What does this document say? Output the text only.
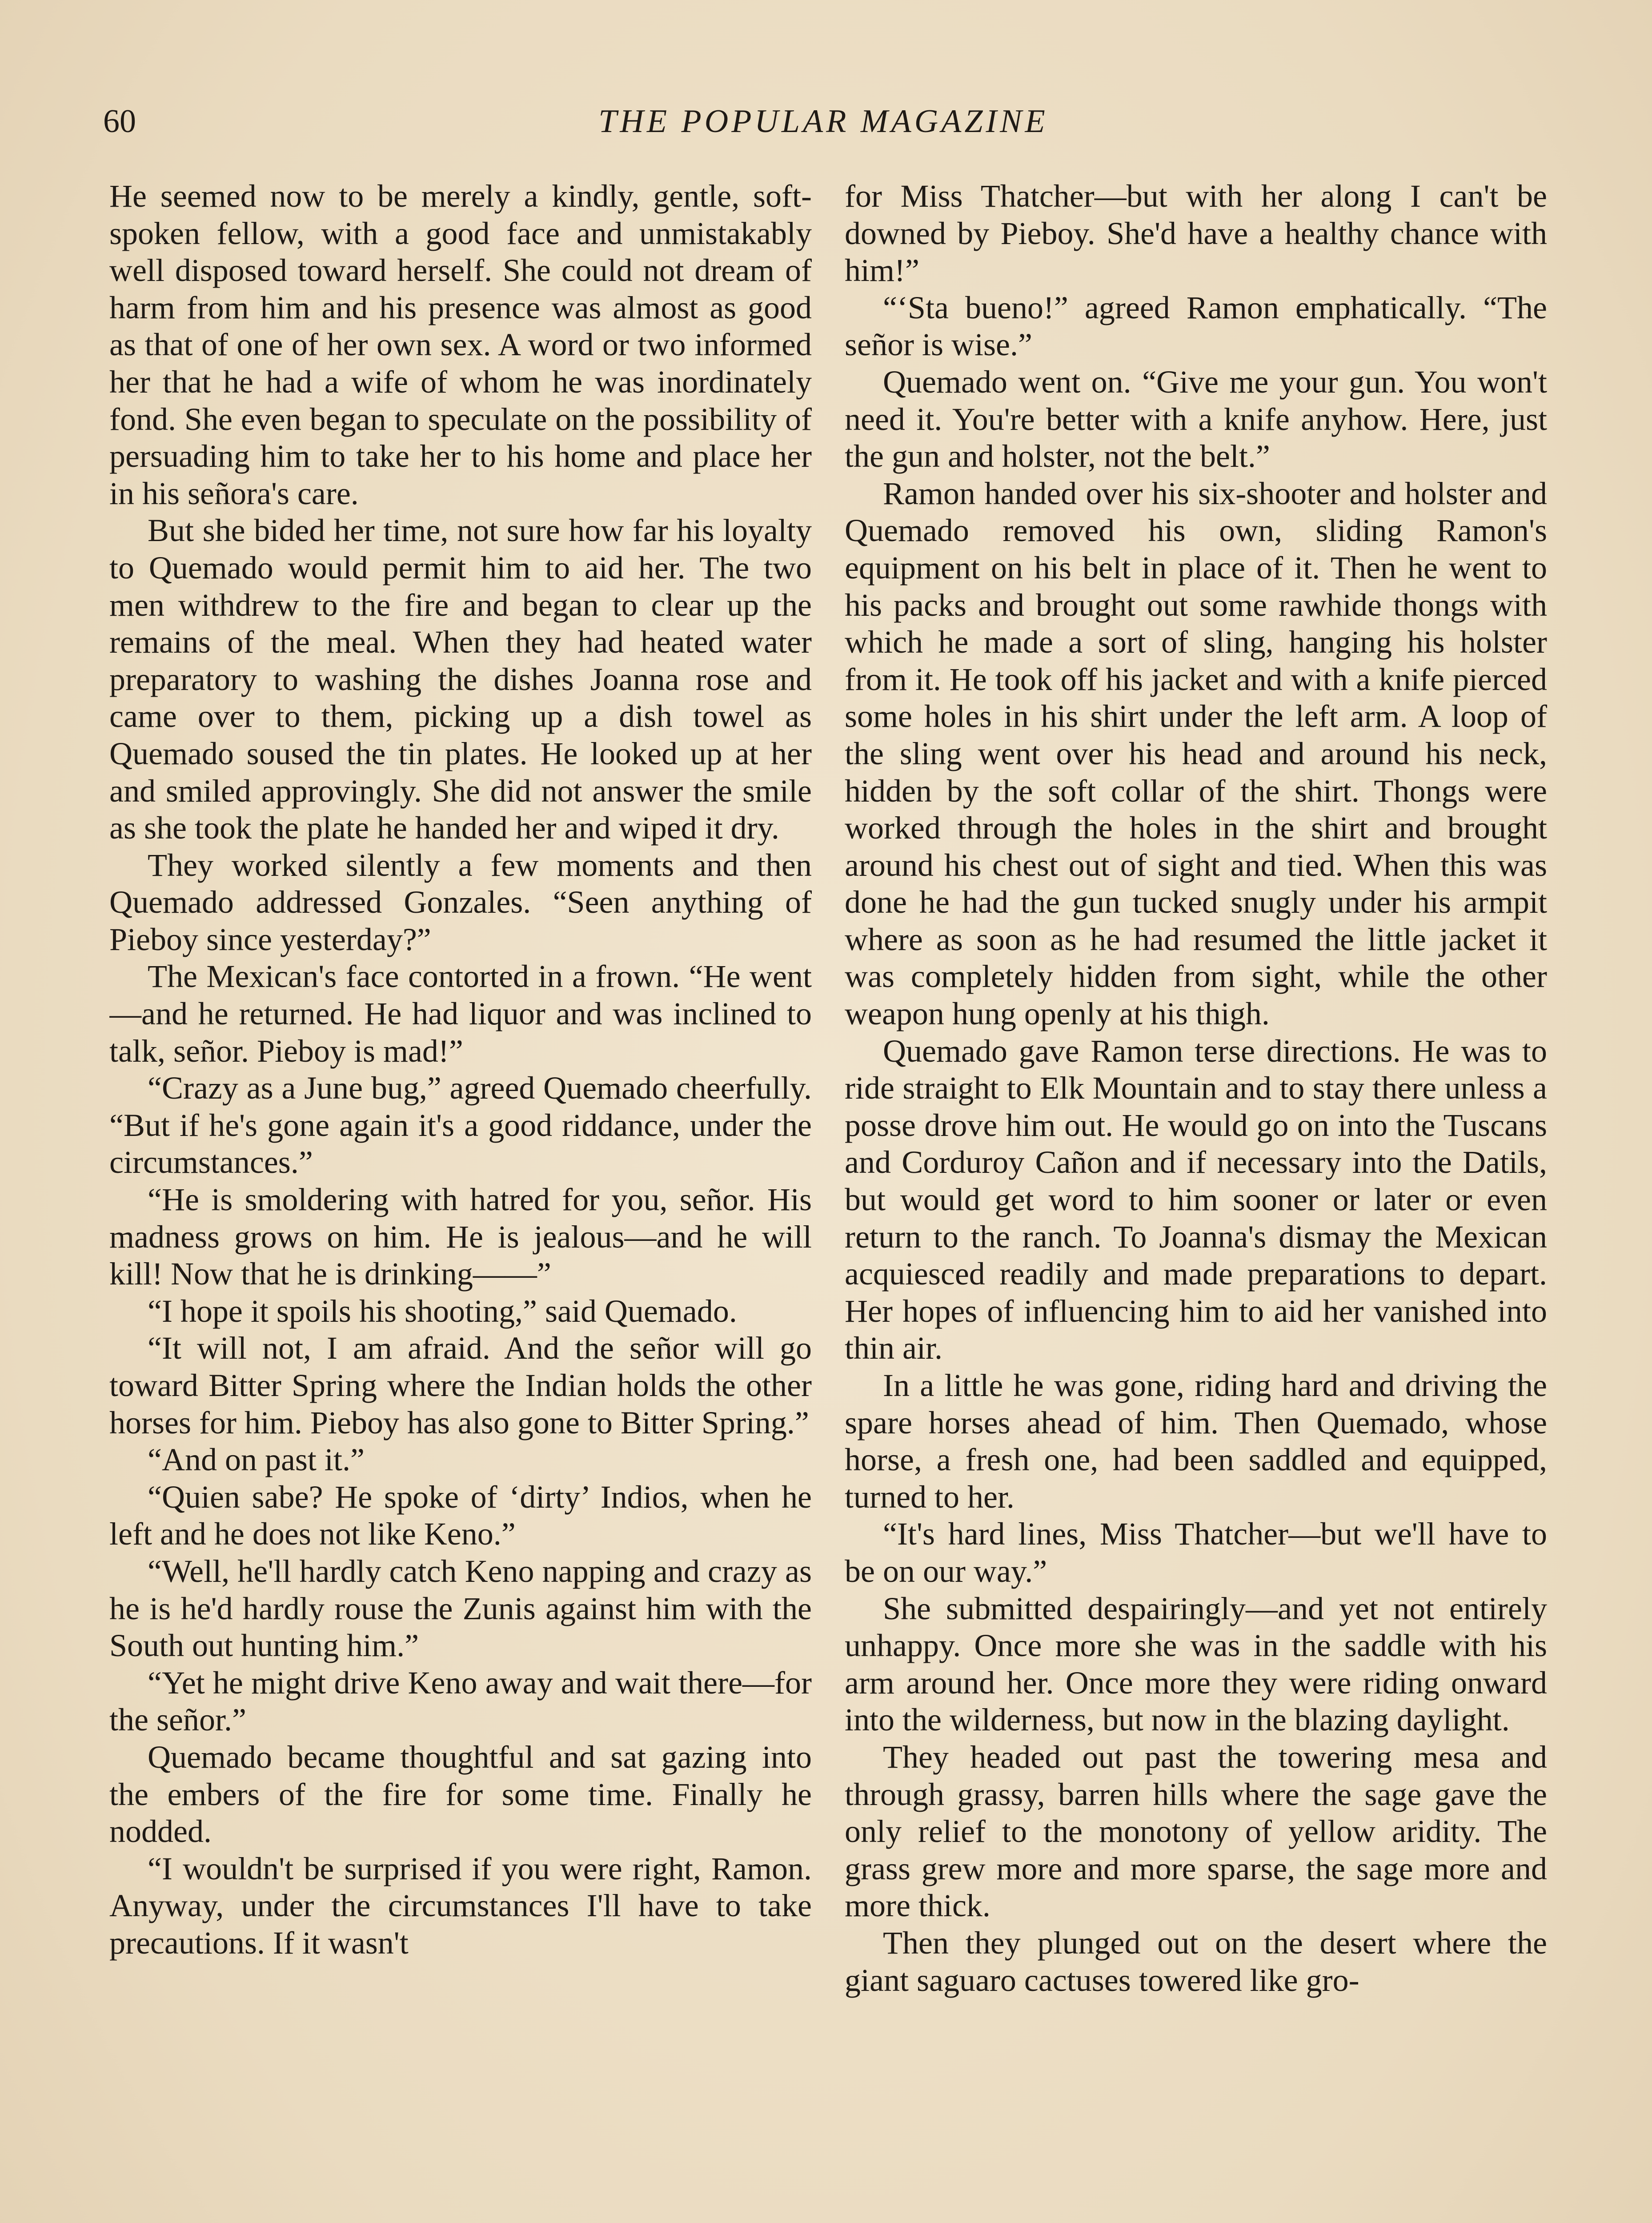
60	THE POPULAR MAGAZINE

He seemed now to be merely a kindly, gentle, soft-spoken fellow, with a good face and unmistakably well disposed toward herself. She could not dream of harm from him and his presence was almost as good as that of one of her own sex. A word or two informed her that he had a wife of whom he was inordinately fond. She even began to speculate on the possibility of persuading him to take her to his home and place her in his señora's care.

But she bided her time, not sure how far his loyalty to Quemado would permit him to aid her. The two men withdrew to the fire and began to clear up the remains of the meal. When they had heated water preparatory to washing the dishes Joanna rose and came over to them, picking up a dish towel as Quemado soused the tin plates. He looked up at her and smiled approvingly. She did not answer the smile as she took the plate he handed her and wiped it dry.

They worked silently a few moments and then Quemado addressed Gonzales. “Seen anything of Pieboy since yesterday?”

The Mexican's face contorted in a frown. “He went—and he returned. He had liquor and was inclined to talk, señor. Pieboy is mad!”

“Crazy as a June bug,” agreed Quemado cheerfully. “But if he's gone again it's a good riddance, under the circumstances.”

“He is smoldering with hatred for you, señor. His madness grows on him. He is jealous—and he will kill! Now that he is drinking——”

“I hope it spoils his shooting,” said Quemado.

“It will not, I am afraid. And the señor will go toward Bitter Spring where the Indian holds the other horses for him. Pieboy has also gone to Bitter Spring.”

“And on past it.”

“Quien sabe? He spoke of ‘dirty’ Indios, when he left and he does not like Keno.”

“Well, he'll hardly catch Keno napping and crazy as he is he'd hardly rouse the Zunis against him with the South out hunting him.”

“Yet he might drive Keno away and wait there—for the señor.”

Quemado became thoughtful and sat gazing into the embers of the fire for some time. Finally he nodded.

“I wouldn't be surprised if you were right, Ramon. Anyway, under the circumstances I'll have to take precautions. If it wasn't

for Miss Thatcher—but with her along I can't be downed by Pieboy. She'd have a healthy chance with him!”

“‘Sta bueno!” agreed Ramon emphatically. “The señor is wise.”

Quemado went on. “Give me your gun. You won't need it. You're better with a knife anyhow. Here, just the gun and holster, not the belt.”

Ramon handed over his six-shooter and holster and Quemado removed his own, sliding Ramon's equipment on his belt in place of it. Then he went to his packs and brought out some rawhide thongs with which he made a sort of sling, hanging his holster from it. He took off his jacket and with a knife pierced some holes in his shirt under the left arm. A loop of the sling went over his head and around his neck, hidden by the soft collar of the shirt. Thongs were worked through the holes in the shirt and brought around his chest out of sight and tied. When this was done he had the gun tucked snugly under his armpit where as soon as he had resumed the little jacket it was completely hidden from sight, while the other weapon hung openly at his thigh.

Quemado gave Ramon terse directions. He was to ride straight to Elk Mountain and to stay there unless a posse drove him out. He would go on into the Tuscans and Corduroy Cañon and if necessary into the Datils, but would get word to him sooner or later or even return to the ranch. To Joanna's dismay the Mexican acquiesced readily and made preparations to depart. Her hopes of influencing him to aid her vanished into thin air.

In a little he was gone, riding hard and driving the spare horses ahead of him. Then Quemado, whose horse, a fresh one, had been saddled and equipped, turned to her.

“It's hard lines, Miss Thatcher—but we'll have to be on our way.”

She submitted despairingly—and yet not entirely unhappy. Once more she was in the saddle with his arm around her. Once more they were riding onward into the wilderness, but now in the blazing daylight.

They headed out past the towering mesa and through grassy, barren hills where the sage gave the only relief to the monotony of yellow aridity. The grass grew more and more sparse, the sage more and more thick.

Then they plunged out on the desert where the giant saguaro cactuses towered like gro-
